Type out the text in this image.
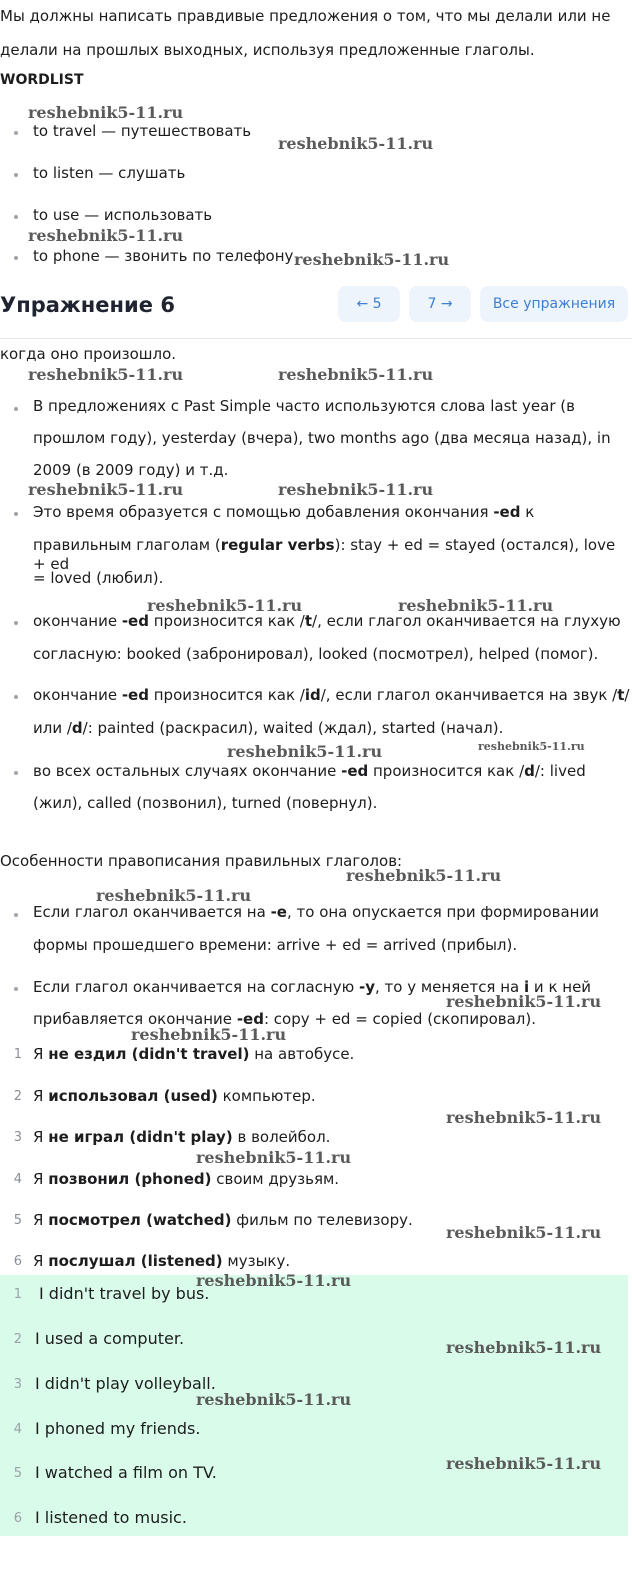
Мы должны написать правдивые предложения о том, что мы делали или не
делали на прошлых выходных, используя предложенные глаголы.
WORDLIST
to travel — путешествовать
to listen — слушать
to use — использовать
to phone — звонить по телефону
Упражнение 6	← 5	7 →	Все упражнения
когда оно произошло.
В предложениях с Past Simple часто используются слова last year (в
прошлом году), yesterday (вчера), two months ago (два месяца назад), in
2009 (в 2009 году) и т.д.
Это время образуется с помощью добавления окончания -ed к
правильным глаголам (regular verbs): stay + ed = stayed (остался), love + ed
= loved (любил).
окончание -ed произносится как /t/, если глагол оканчивается на глухую
согласную: booked (забронировал), looked (посмотрел), helped (помог).
окончание -ed произносится как /id/, если глагол оканчивается на звук /t/
или /d/: painted (раскрасил), waited (ждал), started (начал).
во всех остальных случаях окончание -ed произносится как /d/: lived
(жил), called (позвонил), turned (повернул).
Особенности правописания правильных глаголов:
Если глагол оканчивается на -e, то она опускается при формировании
формы прошедшего времени: arrive + ed = arrived (прибыл).
Если глагол оканчивается на согласную -y, то у меняется на i и к ней
прибавляется окончание -ed: copy + ed = copied (скопировал).
1 Я не ездил (didn't travel) на автобусе.
2 Я использовал (used) компьютер.
3 Я не играл (didn't play) в волейбол.
4 Я позвонил (phoned) своим друзьям.
5 Я посмотрел (watched) фильм по телевизору.
6 Я послушал (listened) музыку.
1 I didn't travel by bus.
2 I used a computer.
3 I didn't play volleyball.
4 I phoned my friends.
5 I watched a film on TV.
6 I listened to music.
reshebnik5-11.ru
reshebnik5-11.ru
reshebnik5-11.ru
reshebnik5-11.ru
reshebnik5-11.ru	reshebnik5-11.ru
reshebnik5-11.ru	reshebnik5-11.ru
reshebnik5-11.ru	reshebnik5-11.ru
reshebnik5-11.ru	reshebnik5-11.ru
reshebnik5-11.ru
reshebnik5-11.ru
reshebnik5-11.ru
reshebnik5-11.ru
reshebnik5-11.ru
reshebnik5-11.ru
reshebnik5-11.ru
reshebnik5-11.ru
reshebnik5-11.ru
reshebnik5-11.ru
reshebnik5-11.ru
